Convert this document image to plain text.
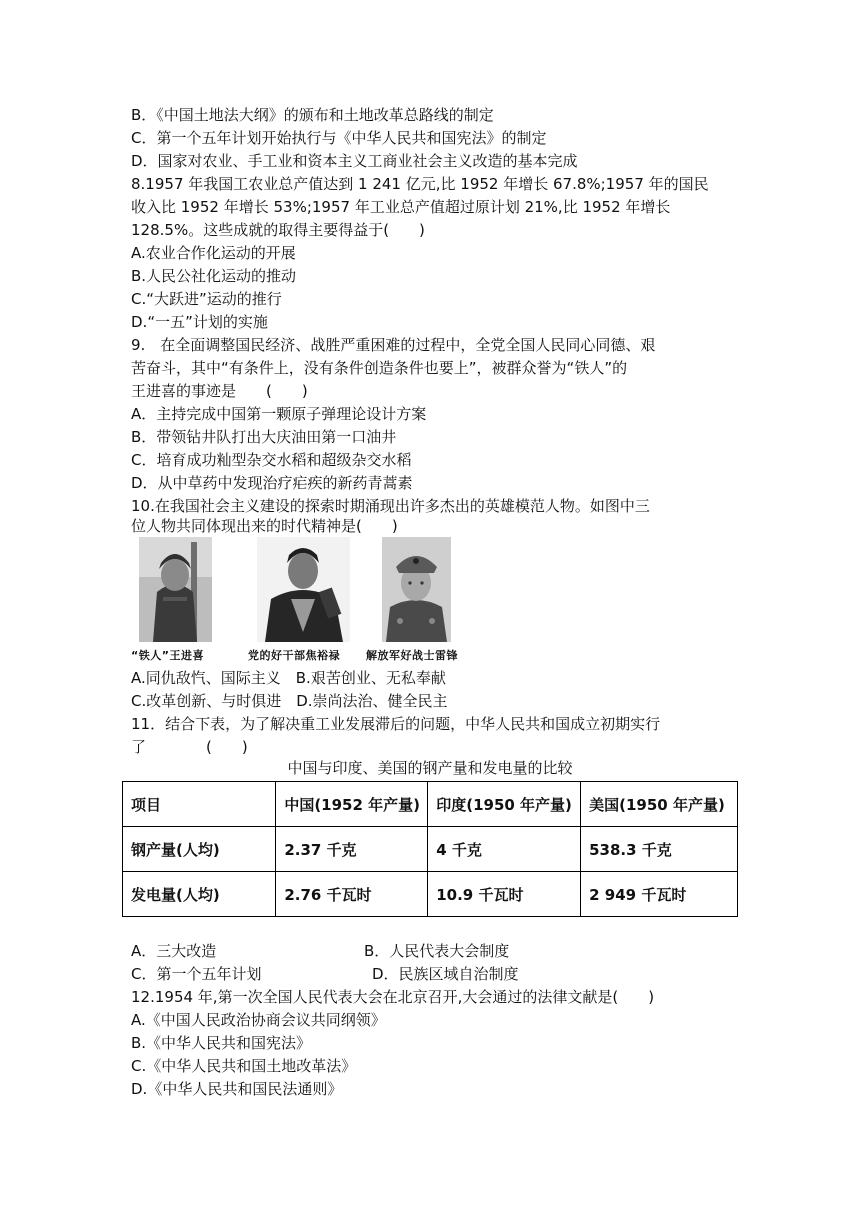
B．《中国土地法大纲》的颁布和土地改革总路线的制定
C．第一个五年计划开始执行与《中华人民共和国宪法》的制定
D．国家对农业、手工业和资本主义工商业社会主义改造的基本完成
8.1957 年我国工农业总产值达到 1 241 亿元,比 1952 年增长 67.8%;1957 年的国民
收入比 1952 年增长 53%;1957 年工业总产值超过原计划 21%,比 1952 年增长
128.5%。这些成就的取得主要得益于(　　)
A.农业合作化运动的开展
B.人民公社化运动的推动
C.“大跃进”运动的推行
D.“一五”计划的实施
9.　在全面调整国民经济、战胜严重困难的过程中，全党全国人民同心同德、艰
苦奋斗，其中“有条件上，没有条件创造条件也要上”，被群众誉为“铁人”的
王进喜的事迹是　　(　　)
A．主持完成中国第一颗原子弹理论设计方案
B．带领钻井队打出大庆油田第一口油井
C．培育成功籼型杂交水稻和超级杂交水稻
D．从中草药中发现治疗疟疾的新药青蒿素
10.在我国社会主义建设的探索时期涌现出许多杰出的英雄模范人物。如图中三
位人物共同体现出来的时代精神是(　　)
“铁人”王进喜	党的好干部焦裕禄 解放军好战士雷锋
A.同仇敌忾、国际主义　B.艰苦创业、无私奉献
C.改革创新、与时俱进　D.崇尚法治、健全民主
11．结合下表，为了解决重工业发展滞后的问题，中华人民共和国成立初期实行
了　　　　(　　)
中国与印度、美国的钢产量和发电量的比较
项目	中国(1952 年产量)	印度(1950 年产量)	美国(1950 年产量)
钢产量(人均)	2.37 千克	4 千克	538.3 千克
发电量(人均)	2.76 千瓦时	10.9 千瓦时	2 949 千瓦时
A．三大改造	B．人民代表大会制度
C．第一个五年计划	D．民族区域自治制度
12.1954 年,第一次全国人民代表大会在北京召开,大会通过的法律文献是(　　)
A.《中国人民政治协商会议共同纲领》
B.《中华人民共和国宪法》
C.《中华人民共和国土地改革法》
D.《中华人民共和国民法通则》
